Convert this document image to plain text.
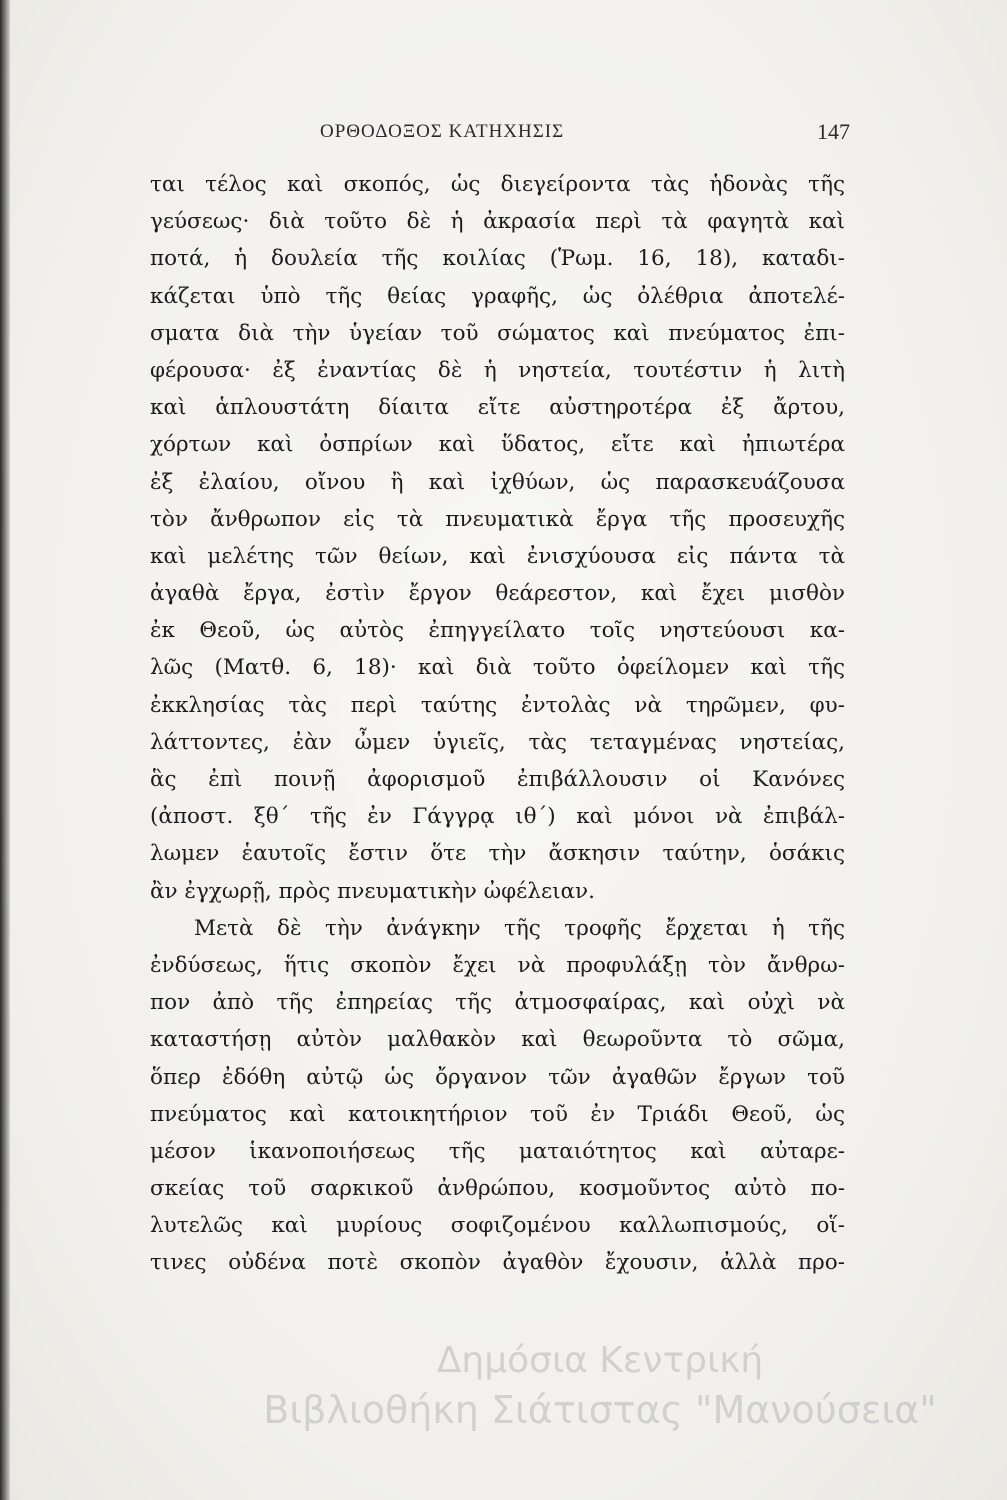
ΟΡΘΟΔΟΞΟΣ ΚΑΤΗΧΗΣΙΣ	147
ται τέλος καὶ σκοπός, ὡς διεγείροντα τὰς ἡδονὰς τῆς
γεύσεως· διὰ τοῦτο δὲ ἡ ἀκρασία περὶ τὰ φαγητὰ καὶ
ποτά, ἡ δουλεία τῆς κοιλίας (Ῥωμ. 16, 18), καταδι-
κάζεται ὑπὸ τῆς θείας γραφῆς, ὡς ὀλέθρια ἀποτελέ-
σματα διὰ τὴν ὑγείαν τοῦ σώματος καὶ πνεύματος ἐπι-
φέρουσα· ἐξ ἐναντίας δὲ ἡ νηστεία, τουτέστιν ἡ λιτὴ
καὶ ἁπλουστάτη δίαιτα εἴτε αὐστηροτέρα ἐξ ἄρτου,
χόρτων καὶ ὀσπρίων καὶ ὕδατος, εἴτε καὶ ἠπιωτέρα
ἐξ ἐλαίου, οἴνου ἢ καὶ ἰχθύων, ὡς παρασκευάζουσα
τὸν ἄνθρωπον εἰς τὰ πνευματικὰ ἔργα τῆς προσευχῆς
καὶ μελέτης τῶν θείων, καὶ ἐνισχύουσα εἰς πάντα τὰ
ἀγαθὰ ἔργα, ἐστὶν ἔργον θεάρεστον, καὶ ἔχει μισθὸν
ἐκ Θεοῦ, ὡς αὐτὸς ἐπηγγείλατο τοῖς νηστεύουσι κα-
λῶς (Ματθ. 6, 18)· καὶ διὰ τοῦτο ὀφείλομεν καὶ τῆς
ἐκκλησίας τὰς περὶ ταύτης ἐντολὰς νὰ τηρῶμεν, φυ-
λάττοντες, ἐὰν ὦμεν ὑγιεῖς, τὰς τεταγμένας νηστείας,
ἃς ἐπὶ ποινῇ ἀφορισμοῦ ἐπιβάλλουσιν οἱ Κανόνες
(ἀποστ. ξθ΄ τῆς ἐν Γάγγρᾳ ιθ΄) καὶ μόνοι νὰ ἐπιβάλ-
λωμεν ἑαυτοῖς ἔστιν ὅτε τὴν ἄσκησιν ταύτην, ὁσάκις
ἂν ἐγχωρῇ, πρὸς πνευματικὴν ὠφέλειαν.
Μετὰ δὲ τὴν ἀνάγκην τῆς τροφῆς ἔρχεται ἡ τῆς
ἐνδύσεως, ἥτις σκοπὸν ἔχει νὰ προφυλάξῃ τὸν ἄνθρω-
πον ἀπὸ τῆς ἐπηρείας τῆς ἀτμοσφαίρας, καὶ οὐχὶ νὰ
καταστήσῃ αὐτὸν μαλθακὸν καὶ θεωροῦντα τὸ σῶμα,
ὅπερ ἐδόθη αὐτῷ ὡς ὄργανον τῶν ἀγαθῶν ἔργων τοῦ
πνεύματος καὶ κατοικητήριον τοῦ ἐν Τριάδι Θεοῦ, ὡς
μέσον ἱκανοποιήσεως τῆς ματαιότητος καὶ αὐταρε-
σκείας τοῦ σαρκικοῦ ἀνθρώπου, κοσμοῦντος αὐτὸ πο-
λυτελῶς καὶ μυρίους σοφιζομένου καλλωπισμούς, οἵ-
τινες οὐδένα ποτὲ σκοπὸν ἀγαθὸν ἔχουσιν, ἀλλὰ προ-
Δημόσια Κεντρική
Βιβλιοθήκη Σιάτιστας "Μανούσεια"
